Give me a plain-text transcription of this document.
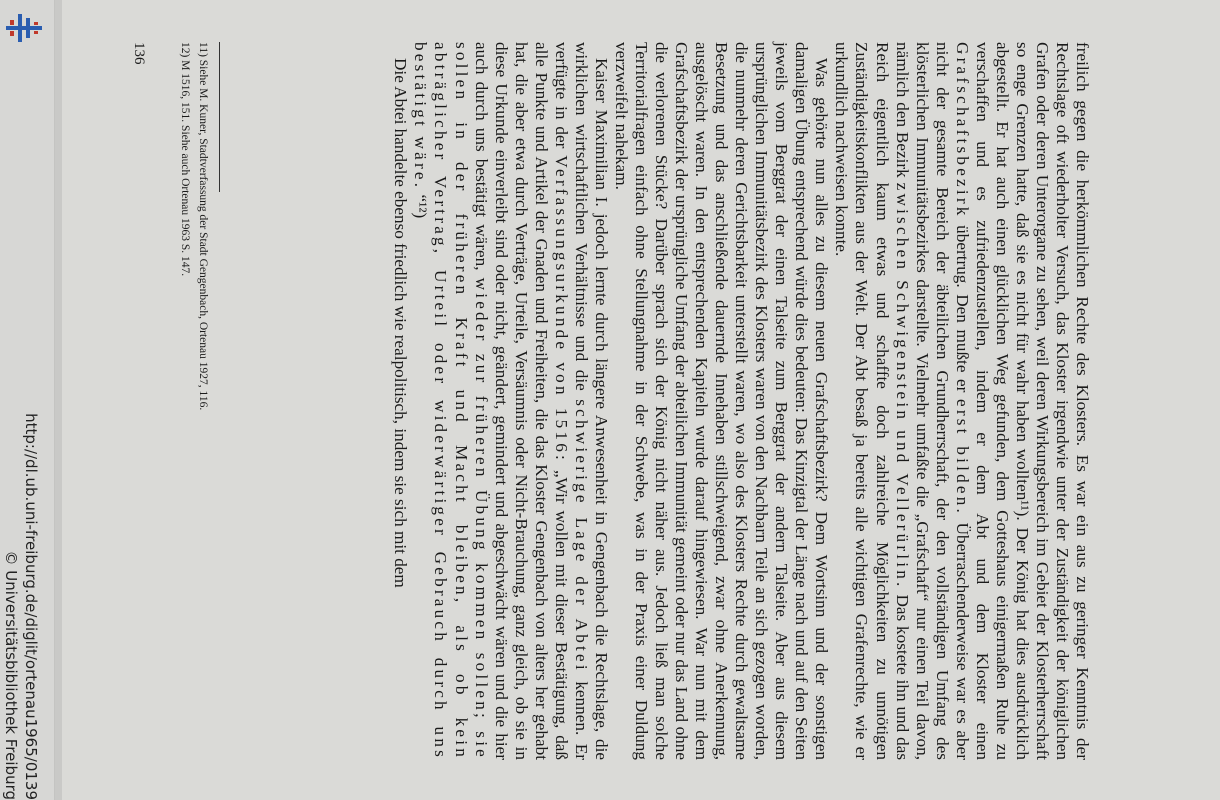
http://dl.ub.uni-freiburg.de/diglit/ortenau1965/0139
© Universitätsbibliothek Freiburg	freilich gegen die herkömmlichen Rechte des Klosters. Es war ein aus zu geringer Kenntnis der Rechtslage oft wiederholter Versuch, das Kloster irgendwie unter der Zuständigkeit der königlichen Grafen oder deren Unterorgane zu sehen, weil deren Wirkungsbereich im Gebiet der Klosterherrschaft so enge Grenzen hatte, daß sie es nicht für wahr haben wollten¹¹). Der König hat dies ausdrücklich abgestellt. Er hat auch einen glücklichen Weg gefunden, dem Gotteshaus einigermaßen Ruhe zu verschaffen und es zufriedenzustellen, indem er dem Abt und dem Kloster einen Grafschaftsbezirk übertrug. Den mußte er erst bilden. Überraschenderweise war es aber nicht der gesamte Bereich der äbteilichen Grundherrschaft, der den vollständigen Umfang des klösterlichen Immunitätsbezirkes darstellte. Vielmehr umfaßte die „Grafschaft“ nur einen Teil davon, nämlich den Bezirk zwischen Schwigenstein und Vellerürlin. Das kostete ihn und das Reich eigentlich kaum etwas und schaffte doch zahlreiche Möglichkeiten zu unnötigen Zuständigkeitskonflikten aus der Welt. Der Abt besaß ja bereits alle wichtigen Grafenrechte, wie er urkundlich nachweisen konnte.

Was gehörte nun alles zu diesem neuen Grafschaftsbezirk? Dem Wortsinn und der sonstigen damaligen Übung entsprechend würde dies bedeuten: Das Kinzigtal der Länge nach und auf den Seiten jeweils vom Berggrat der einen Talseite zum Berggrat der andern Talseite. Aber aus diesem ursprünglichen Immunitätsbezirk des Klosters waren von den Nachbarn Teile an sich gezogen worden, die nunmehr deren Gerichtsbarkeit unterstellt waren, wo also des Klosters Rechte durch gewaltsame Besetzung und das anschließende dauernde Innehaben stillschweigend, zwar ohne Anerkennung, ausgelöscht waren. In den entsprechenden Kapiteln wurde darauf hingewiesen. War nun mit dem Grafschaftsbezirk der ursprüngliche Umfang der abteilichen Immunität gemeint oder nur das Land ohne die verlorenen Stücke? Darüber sprach sich der König nicht näher aus. Jedoch ließ man solche Territorialfragen einfach ohne Stellungnahme in der Schwebe, was in der Praxis einer Duldung verzweifelt nahekam.

Kaiser Maximilian I. jedoch lernte durch längere Anwesenheit in Gengenbach die Rechtslage, die wirklichen wirtschaftlichen Verhältnisse und die schwierige Lage der Abtei kennen. Er verfügte in der Verfassungsurkunde von 1516: „Wir wollen mit dieser Bestätigung, daß alle Punkte und Artikel der Gnaden und Freiheiten, die das Kloster Gengenbach von alters her gehabt hat, die aber etwa durch Verträge, Urteile, Versäumnis oder Nicht-Brauchung, ganz gleich, ob sie in diese Urkunde einverleibt sind oder nicht, geändert, gemindert und abgeschwächt wären und die hier auch durch uns bestätigt wären, wieder zur früheren Übung kommen sollen; sie sollen in der früheren Kraft und Macht bleiben, als ob kein abträglicher Vertrag, Urteil oder widerwärtiger Gebrauch durch uns bestätigt wäre. “¹²)

Die Abtei handelte ebenso friedlich wie realpolitisch, indem sie sich mit dem

11) Siehe M. Kuner, Stadtverfassung der Stadt Gengenbach, Ortenau 1927, 116.

12) M 1516, 151. Siehe auch Ortenau 1963 S. 147.

136
